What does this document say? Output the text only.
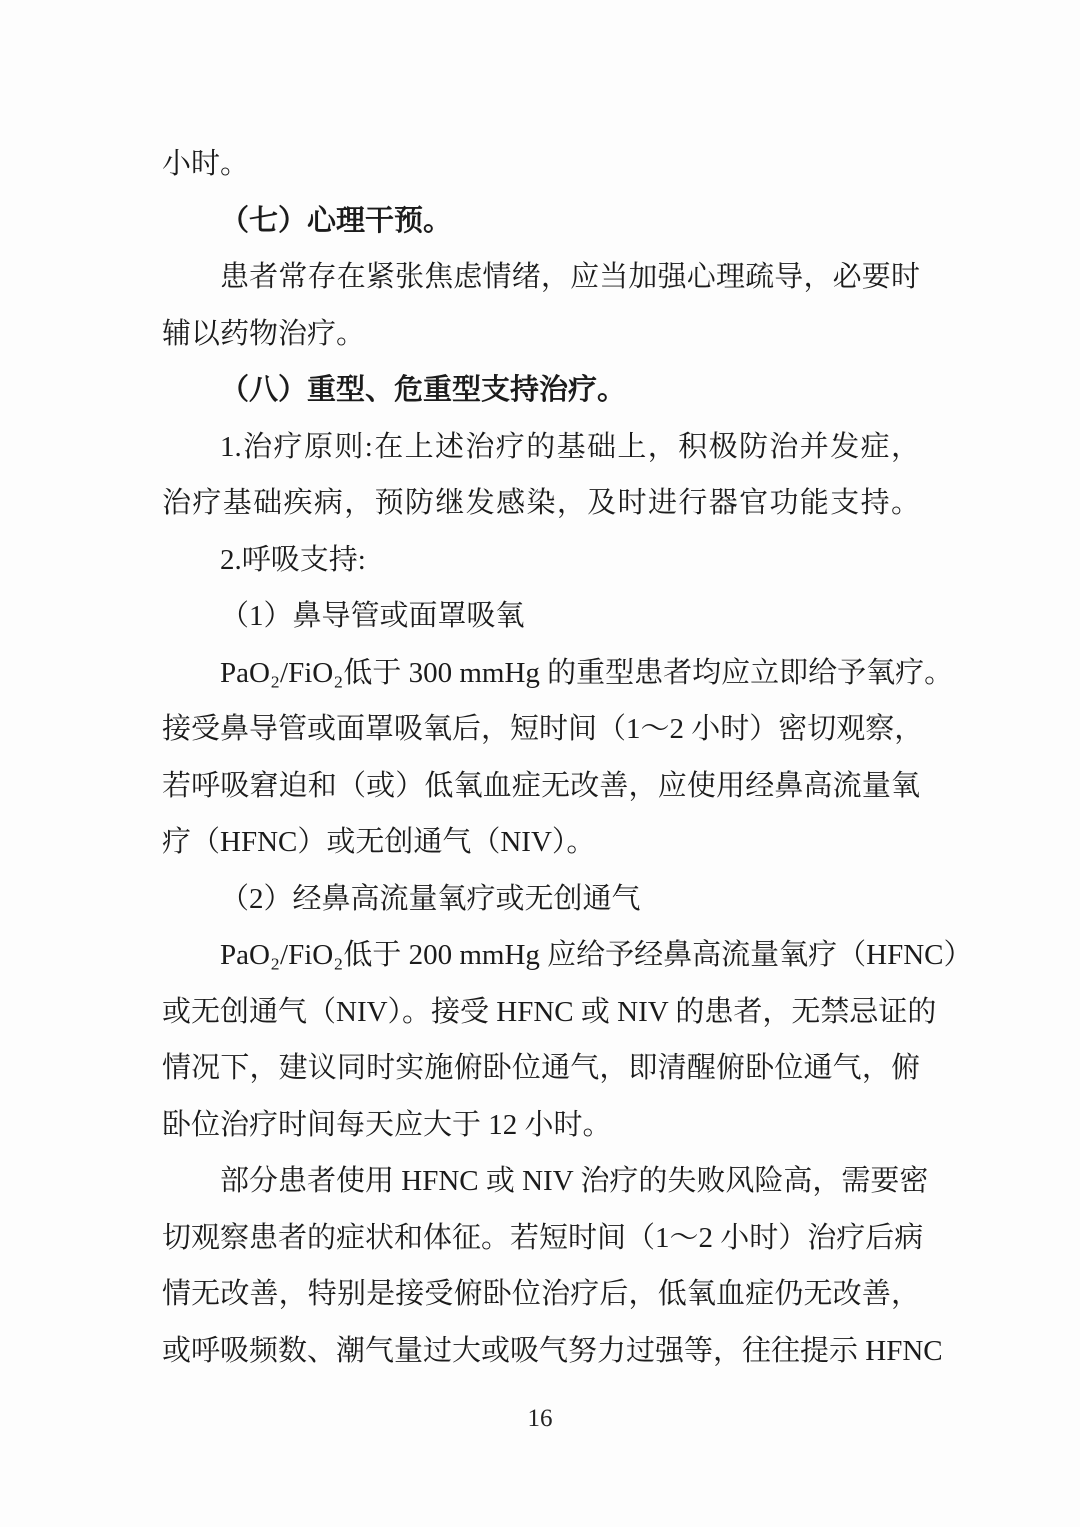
小时。

（七）心理干预。

患者常存在紧张焦虑情绪，应当加强心理疏导，必要时

辅以药物治疗。

（八）重型、危重型支持治疗。

1.治疗原则:在上述治疗的基础上，积极防治并发症，

治疗基础疾病，预防继发感染，及时进行器官功能支持。

2.呼吸支持:

（1）鼻导管或面罩吸氧

PaO₂/FiO₂低于 300 mmHg 的重型患者均应立即给予氧疗。

接受鼻导管或面罩吸氧后，短时间（1～2 小时）密切观察，

若呼吸窘迫和（或）低氧血症无改善，应使用经鼻高流量氧

疗（HFNC）或无创通气（NIV）。

（2）经鼻高流量氧疗或无创通气

PaO₂/FiO₂低于 200 mmHg 应给予经鼻高流量氧疗（HFNC）

或无创通气（NIV）。接受 HFNC 或 NIV 的患者，无禁忌证的

情况下，建议同时实施俯卧位通气，即清醒俯卧位通气，俯

卧位治疗时间每天应大于 12 小时。

部分患者使用 HFNC 或 NIV 治疗的失败风险高，需要密

切观察患者的症状和体征。若短时间（1～2 小时）治疗后病

情无改善，特别是接受俯卧位治疗后，低氧血症仍无改善，

或呼吸频数、潮气量过大或吸气努力过强等，往往提示 HFNC

16
